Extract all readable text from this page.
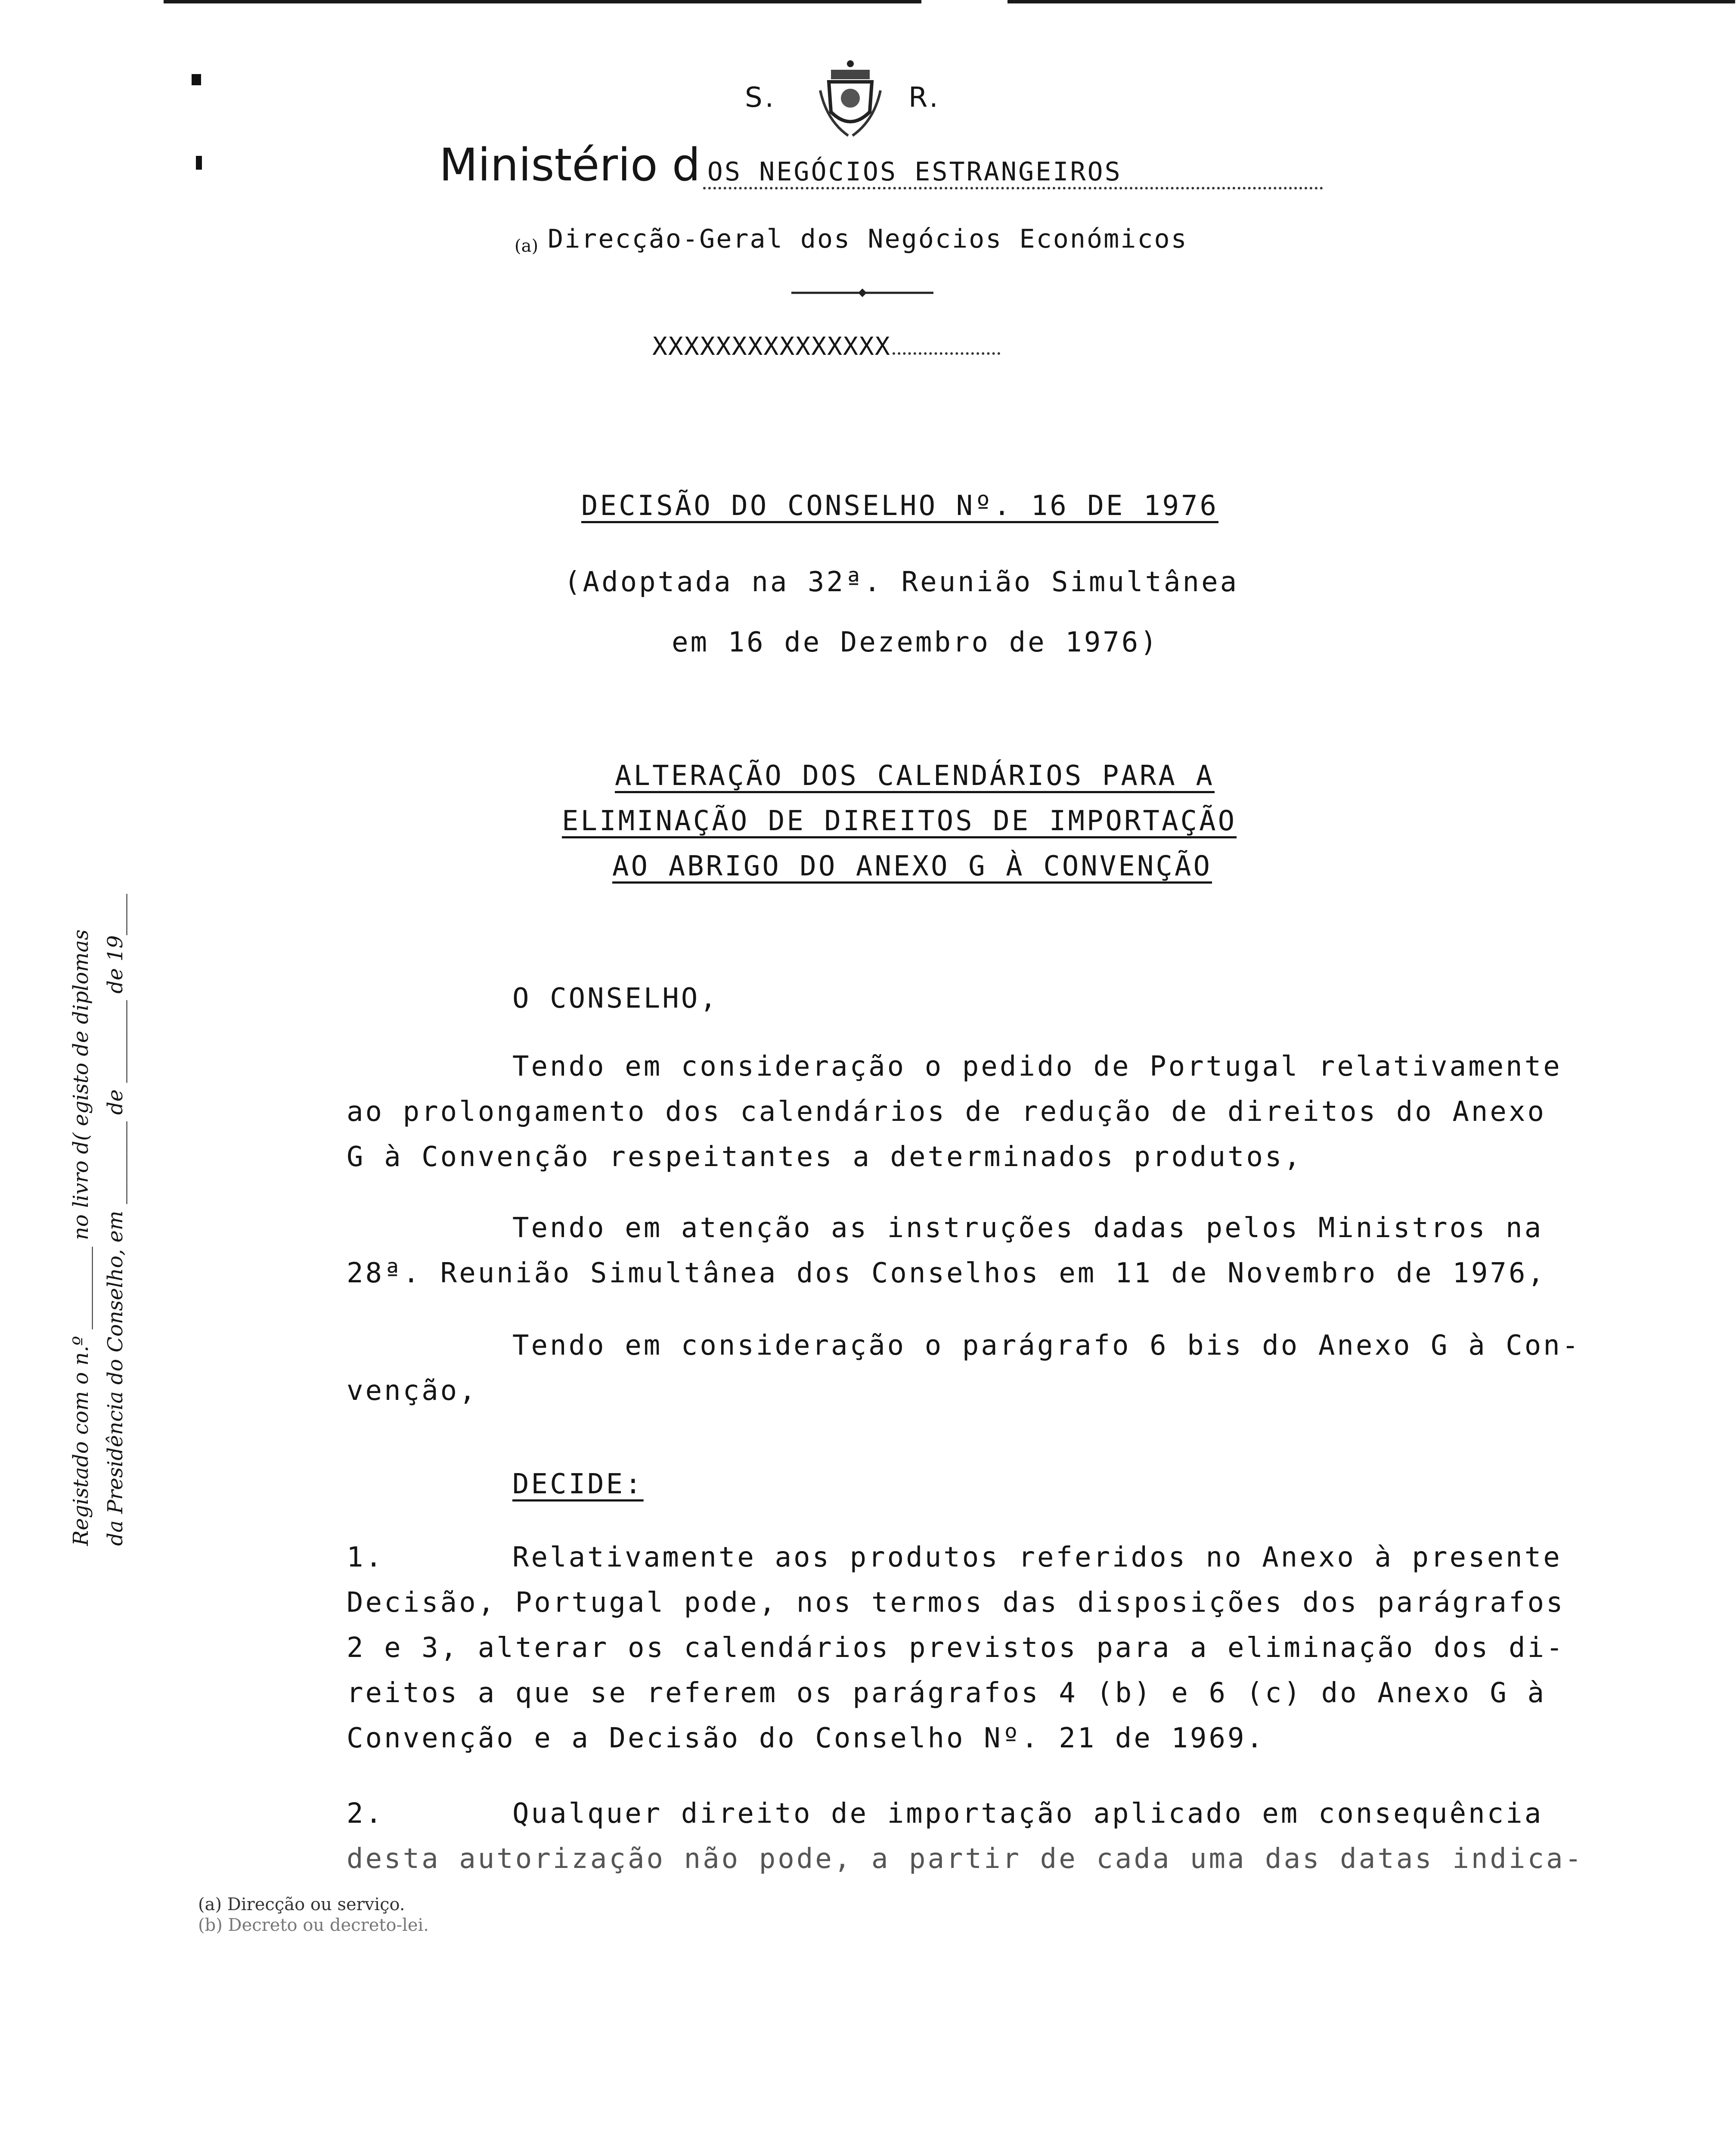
S.	R.
Ministério d OS NEGÓCIOS ESTRANGEIROS
(a) Direcção-Geral dos Negócios Económicos
XXXXXXXXXXXXXXX
Registado com o n.º ________ no livro d( egisto de diplomas da Presidência do Conselho, em ________ de ________ de 19____
DECISÃO DO CONSELHO Nº. 16 DE 1976
(Adoptada na 32ª. Reunião Simultânea
em 16 de Dezembro de 1976)
ALTERAÇÃO DOS CALENDÁRIOS PARA A
ELIMINAÇÃO DE DIREITOS DE IMPORTAÇÃO
AO ABRIGO DO ANEXO G À CONVENÇÃO
O CONSELHO,
Tendo em consideração o pedido de Portugal relativamente
ao prolongamento dos calendários de redução de direitos do Anexo
G à Convenção respeitantes a determinados produtos,
Tendo em atenção as instruções dadas pelos Ministros na
28ª. Reunião Simultânea dos Conselhos em 11 de Novembro de 1976,
Tendo em consideração o parágrafo 6 bis do Anexo G à Con-
venção,
DECIDE:
1.	Relativamente aos produtos referidos no Anexo à presente
Decisão, Portugal pode, nos termos das disposições dos parágrafos
2 e 3, alterar os calendários previstos para a eliminação dos di-
reitos a que se referem os parágrafos 4 (b) e 6 (c) do Anexo G à
Convenção e a Decisão do Conselho Nº. 21 de 1969.
2.	Qualquer direito de importação aplicado em consequência
desta autorização não pode, a partir de cada uma das datas indica-
(a) Direcção ou serviço.
(b) Decreto ou decreto-lei.
